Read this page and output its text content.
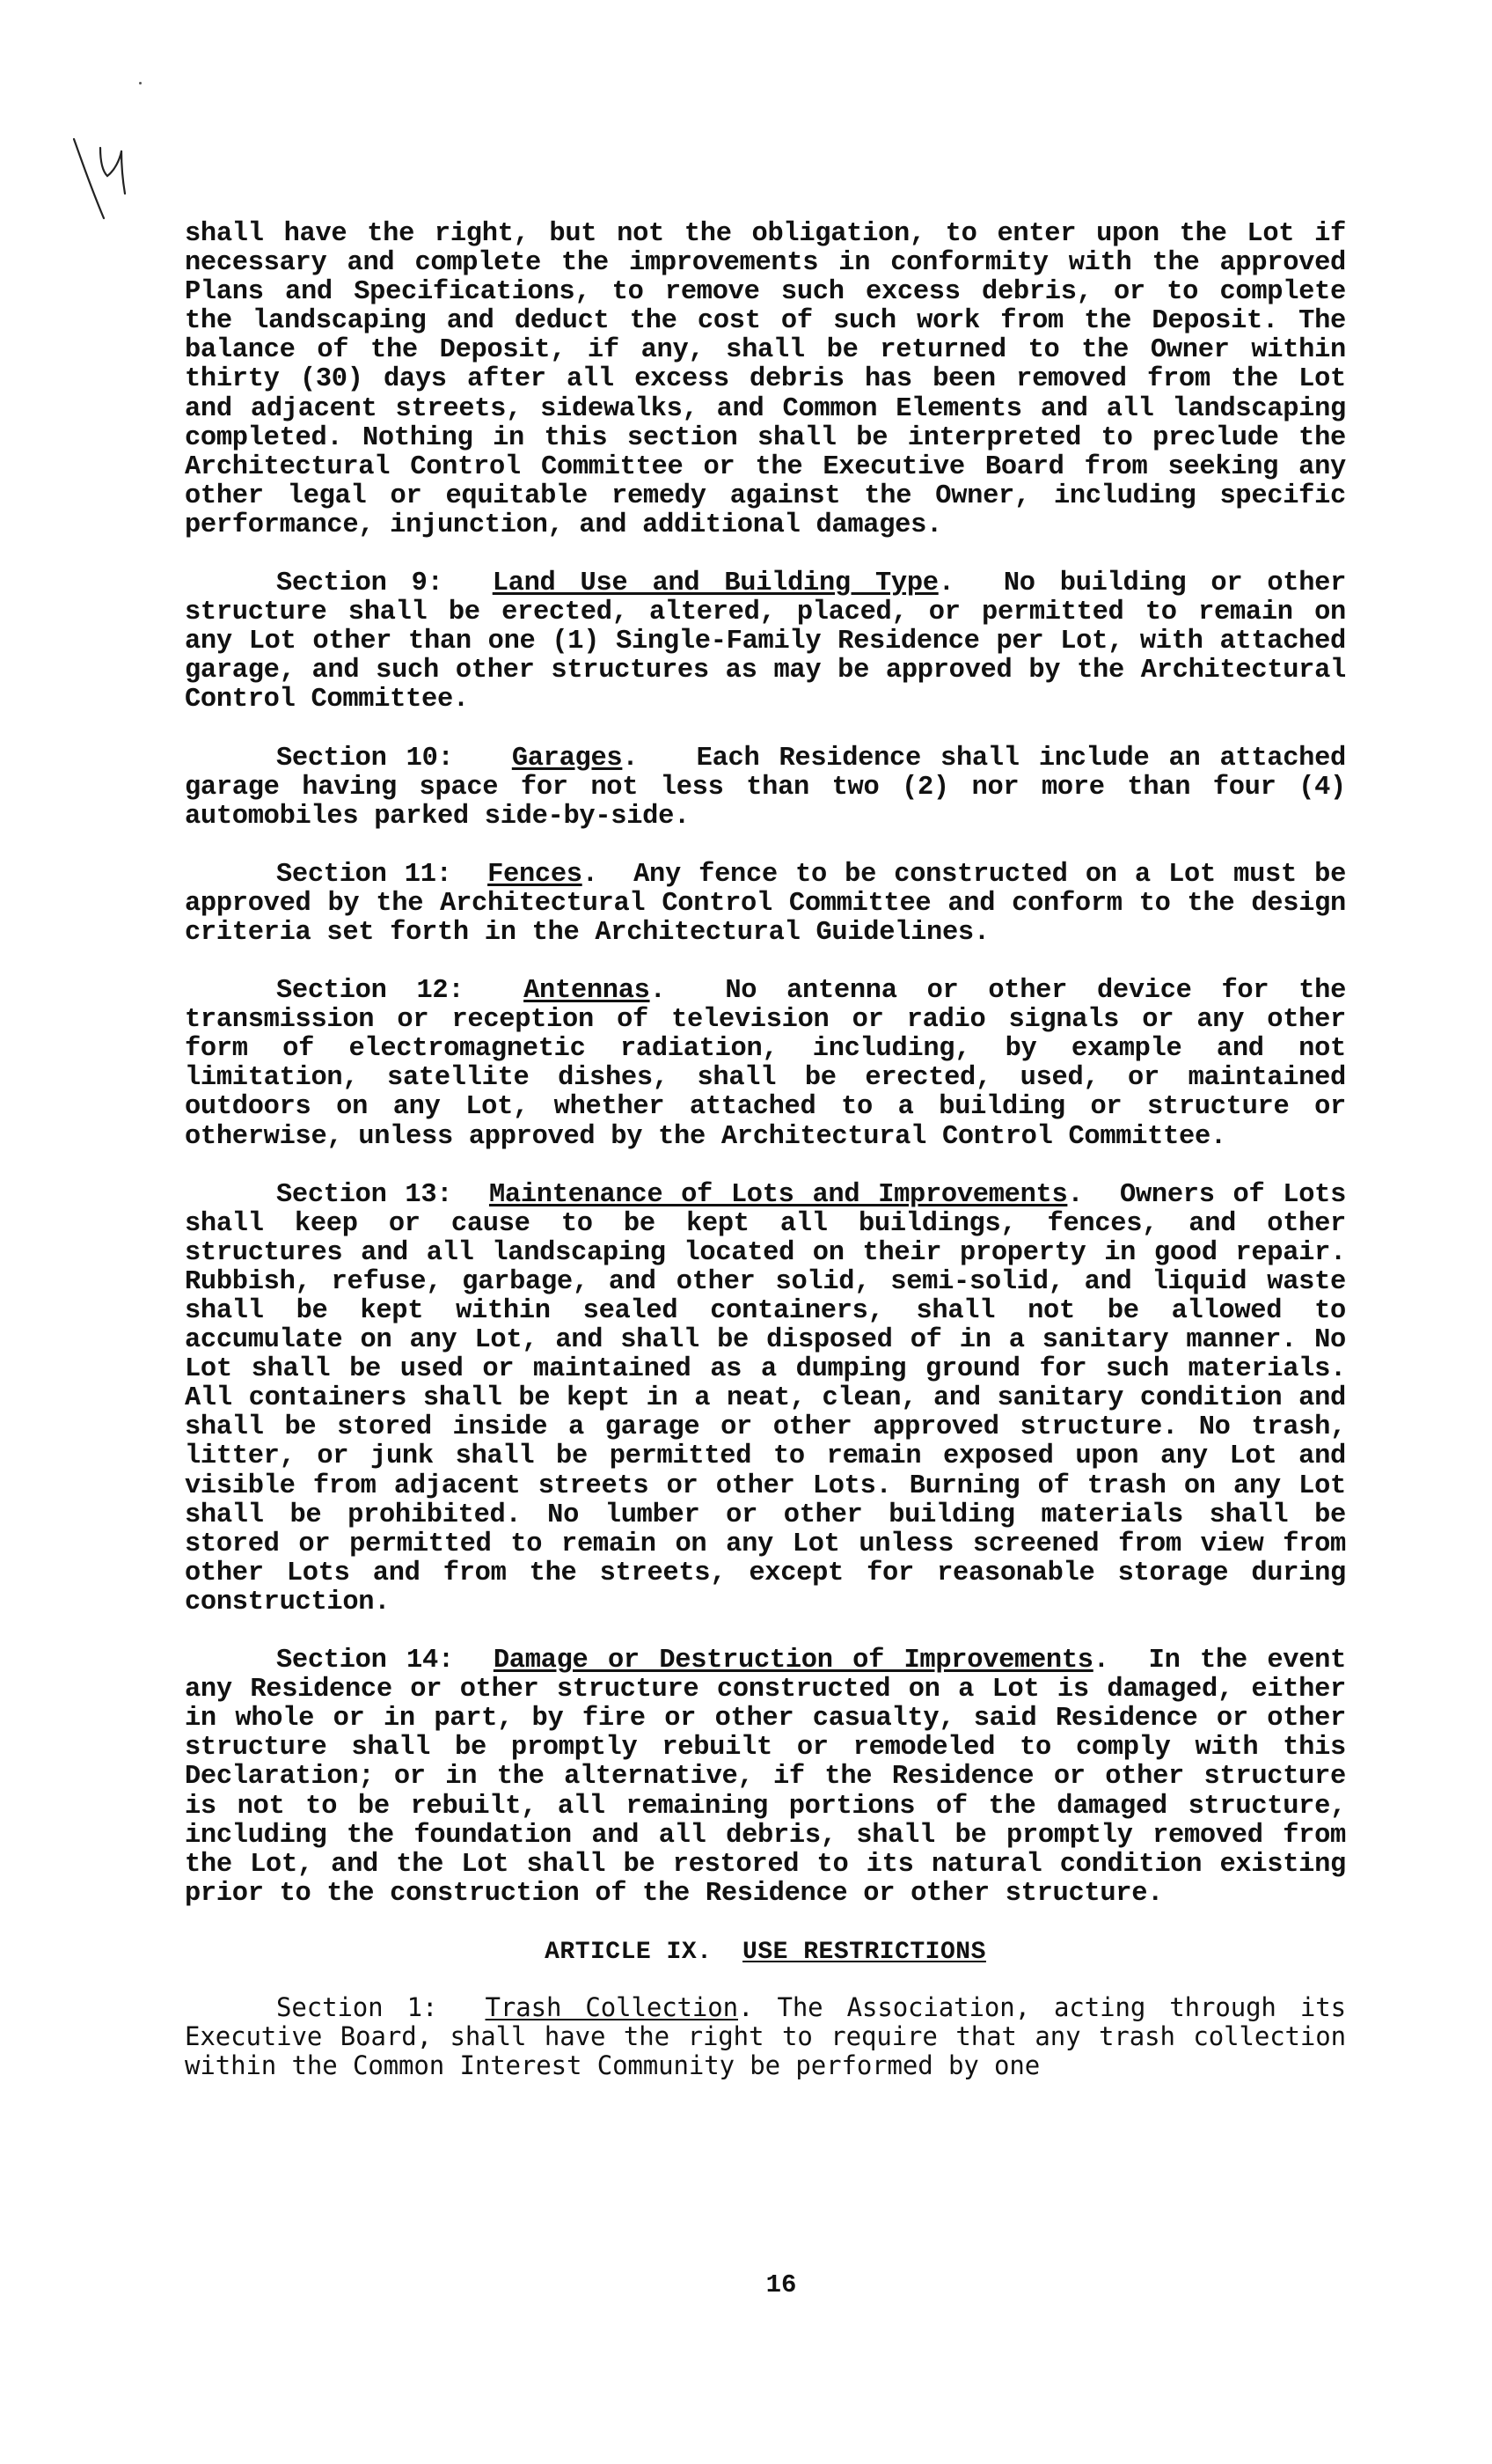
shall have the right, but not the obligation, to enter upon the Lot if necessary and complete the improvements in conformity with the approved Plans and Specifications, to remove such excess debris, or to complete the landscaping and deduct the cost of such work from the Deposit. The balance of the Deposit, if any, shall be returned to the Owner within thirty (30) days after all excess debris has been removed from the Lot and adjacent streets, sidewalks, and Common Elements and all landscaping completed. Nothing in this section shall be interpreted to preclude the Architectural Control Committee or the Executive Board from seeking any other legal or equitable remedy against the Owner, including specific performance, injunction, and additional damages.

Section 9: Land Use and Building Type.  No building or other structure shall be erected, altered, placed, or permitted to remain on any Lot other than one (1) Single-Family Residence per Lot, with attached garage, and such other structures as may be approved by the Architectural Control Committee.

Section 10: Garages.   Each Residence shall include an attached garage having space for not less than two (2) nor more than four (4) automobiles parked side-by-side.

Section 11: Fences.  Any fence to be constructed on a Lot must be approved by the Architectural Control Committee and conform to the design criteria set forth in the Architectural Guidelines.

Section 12: Antennas.  No antenna or other device for the transmission or reception of television or radio signals or any other form of electromagnetic radiation, including, by example and not limitation, satellite dishes, shall be erected, used, or maintained outdoors on any Lot, whether attached to a building or structure or otherwise, unless approved by the Architectural Control Committee.

Section 13: Maintenance of Lots and Improvements.  Owners of Lots shall keep or cause to be kept all buildings, fences, and other structures and all landscaping located on their property in good repair. Rubbish, refuse, garbage, and other solid, semi-solid, and liquid waste shall be kept within sealed containers, shall not be allowed to accumulate on any Lot, and shall be disposed of in a sanitary manner. No Lot shall be used or maintained as a dumping ground for such materials. All containers shall be kept in a neat, clean, and sanitary condition and shall be stored inside a garage or other approved structure. No trash, litter, or junk shall be permitted to remain exposed upon any Lot and visible from adjacent streets or other Lots. Burning of trash on any Lot shall be prohibited. No lumber or other building materials shall be stored or permitted to remain on any Lot unless screened from view from other Lots and from the streets, except for reasonable storage during construction.

Section 14: Damage or Destruction of Improvements.  In the event any Residence or other structure constructed on a Lot is damaged, either in whole or in part, by fire or other casualty, said Residence or other structure shall be promptly rebuilt or remodeled to comply with this Declaration; or in the alternative, if the Residence or other structure is not to be rebuilt, all remaining portions of the damaged structure, including the foundation and all debris, shall be promptly removed from the Lot, and the Lot shall be restored to its natural condition existing prior to the construction of the Residence or other structure.

ARTICLE IX. USE RESTRICTIONS

Section 1: Trash Collection. The Association, acting through its Executive Board, shall have the right to require that any trash collection within the Common Interest Community be performed by one

16
